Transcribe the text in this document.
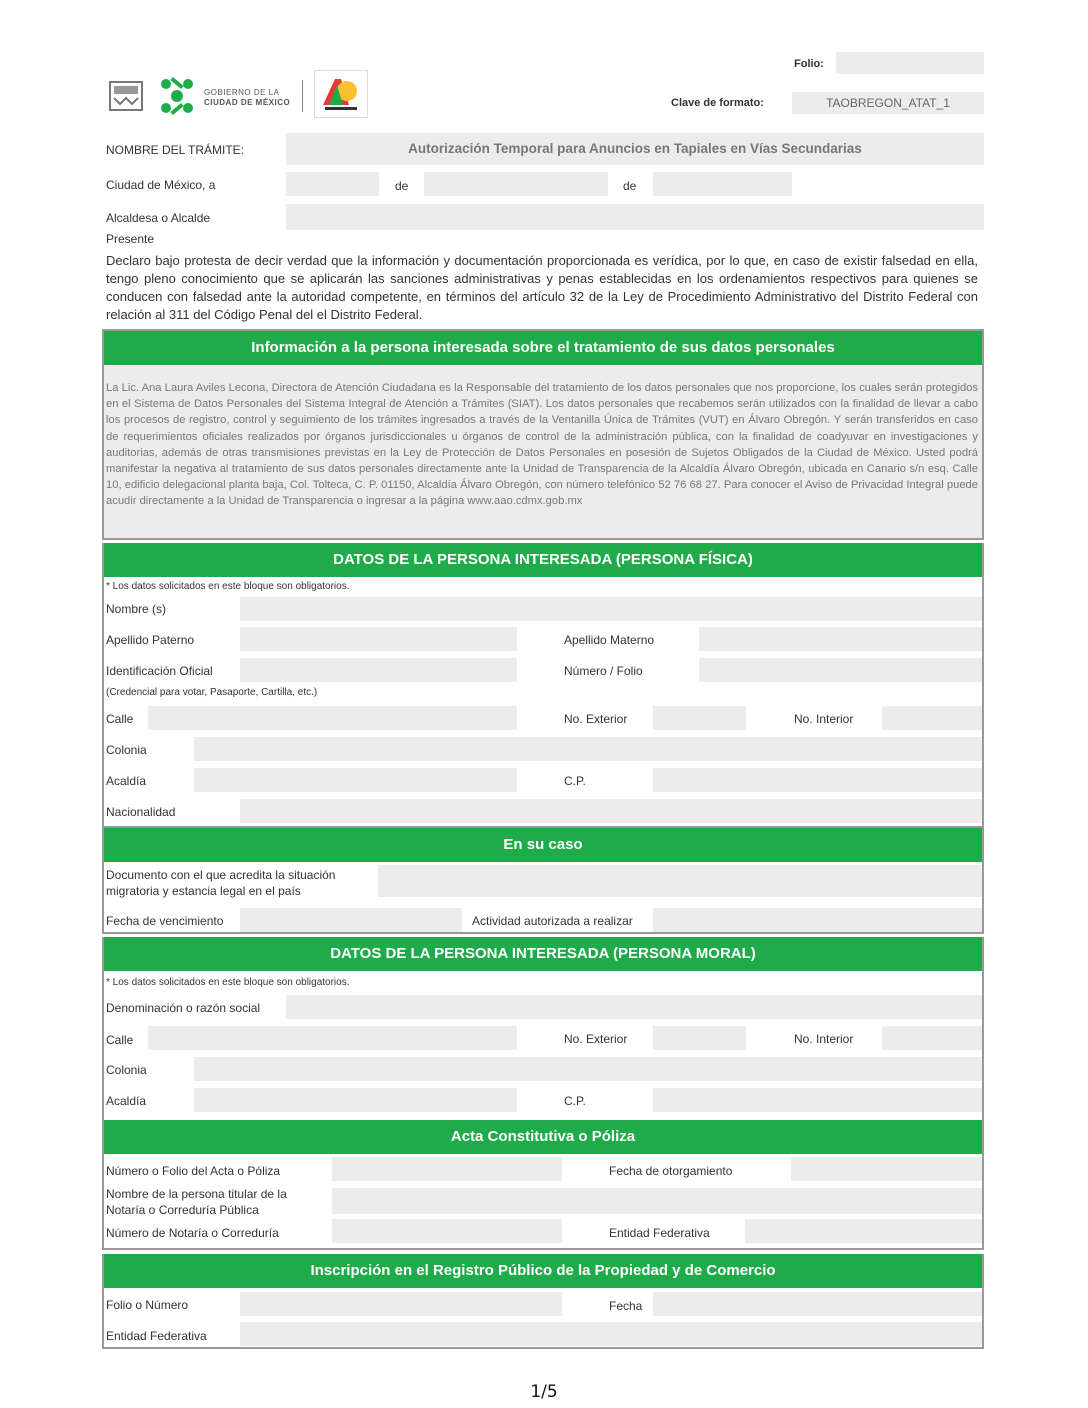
GOBIERNO DE LA
CIUDAD DE MÉXICO
Folio:
Clave de formato:	TAOBREGON_ATAT_1
NOMBRE DEL TRÁMITE:	Autorización Temporal para Anuncios en Tapiales en Vías Secundarias
Ciudad de México, a	de	de
Alcaldesa o Alcalde
Presente
Declaro bajo protesta de decir verdad que la información y documentación proporcionada es verídica, por lo que, en caso de existir falsedad en ella, tengo pleno conocimiento que se aplicarán las sanciones administrativas y penas establecidas en los ordenamientos respectivos para quienes se conducen con falsedad ante la autoridad competente, en términos del artículo 32 de la Ley de Procedimiento Administrativo del Distrito Federal con relación al 311 del Código Penal del el Distrito Federal.
Información a la persona interesada sobre el tratamiento de sus datos personales
La Lic. Ana Laura Aviles Lecona, Directora de Atención Ciudadana es la Responsable del tratamiento de los datos personales que nos proporcione, los cuales serán protegidos en el Sistema de Datos Personales del Sistema Integral de Atención a Trámites (SIAT). Los datos personales que recabemos serán utilizados con la finalidad de llevar a cabo los procesos de registro, control y seguimiento de los trámites ingresados a través de la Ventanilla Única de Trámites (VUT) en Álvaro Obregón. Y serán transferidos en caso de requerimientos oficiales realizados por órganos jurisdiccionales u órganos de control de la administración pública, con la finalidad de coadyuvar en investigaciones y auditorias, además de otras transmisiones previstas en la Ley de Protección de Datos Personales en posesión de Sujetos Obligados de la Ciudad de México. Usted podrá manifestar la negativa al tratamiento de sus datos personales directamente ante la Unidad de Transparencia de la Alcaldía Álvaro Obregón, ubicada en Canario s/n esq. Calle 10, edificio delegacional planta baja, Col. Tolteca, C. P. 01150, Alcaldía Álvaro Obregón, con número telefónico 52 76 68 27. Para conocer el Aviso de Privacidad Integral puede acudir directamente a la Unidad de Transparencia o ingresar a la página www.aao.cdmx.gob.mx
DATOS DE LA PERSONA INTERESADA (PERSONA FÍSICA)
* Los datos solicitados en este bloque son obligatorios.
Nombre (s)
Apellido Paterno	Apellido Materno
Identificación Oficial	Número / Folio
(Credencial para votar, Pasaporte, Cartilla, etc.)
Calle	No. Exterior	No. Interior
Colonia
Acaldía	C.P.
Nacionalidad
En su caso
Documento con el que acredita la situación
migratoria y estancia legal en el país
Fecha de vencimiento	Actividad autorizada a realizar
DATOS DE LA PERSONA INTERESADA (PERSONA MORAL)
* Los datos solicitados en este bloque son obligatorios.
Denominación o razón social
Calle	No. Exterior	No. Interior
Colonia
Acaldía	C.P.
Acta Constitutiva o Póliza
Número o Folio del Acta o Póliza	Fecha de otorgamiento
Nombre de la persona titular de la
Notaría o Correduría Pública
Número de Notaría o Correduría	Entidad Federativa
Inscripción en el Registro Público de la Propiedad y de Comercio
Folio o Número	Fecha
Entidad Federativa
1/5
